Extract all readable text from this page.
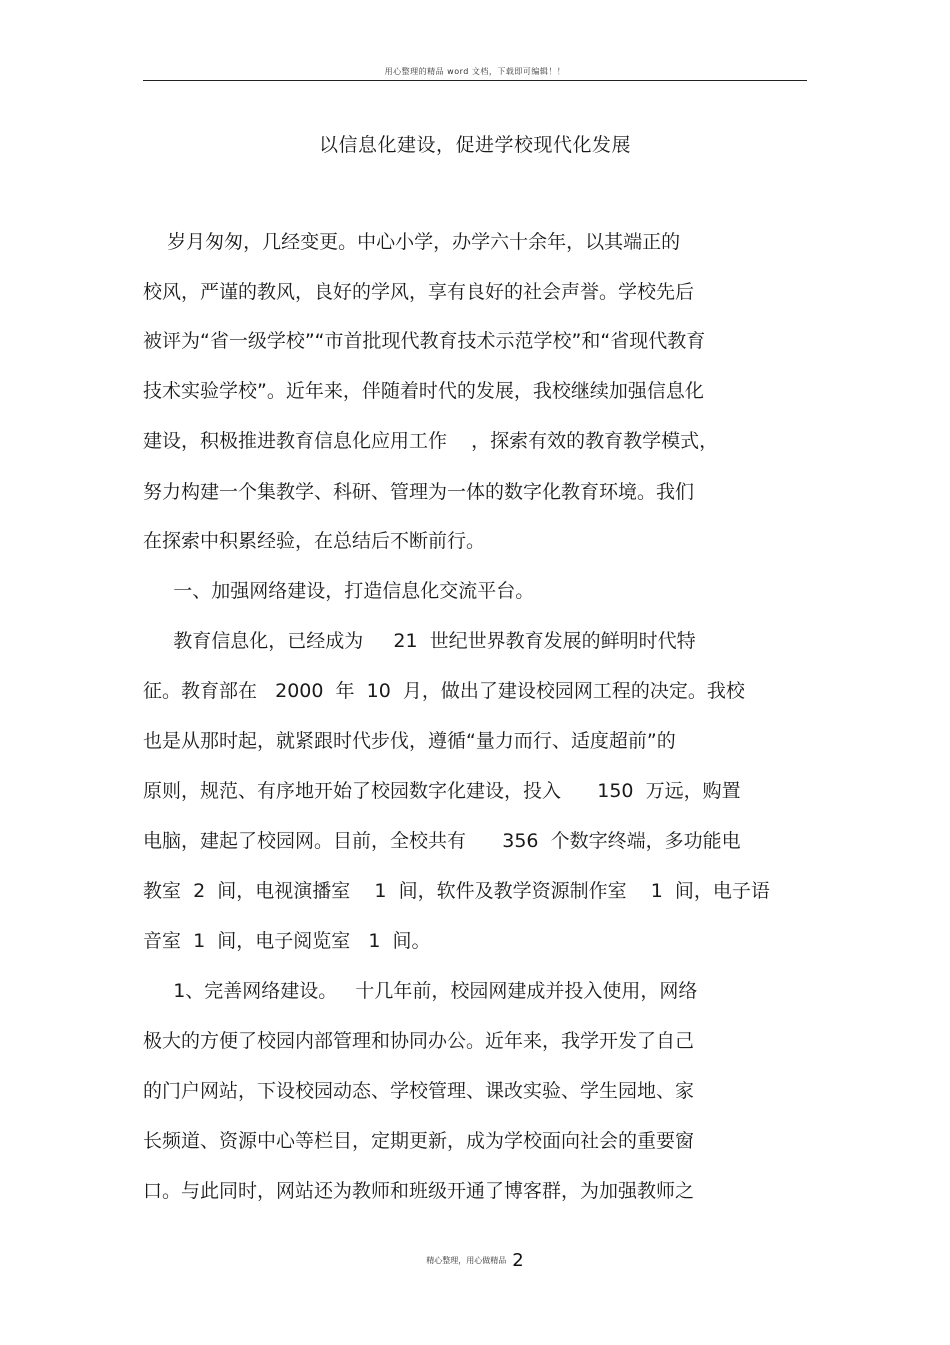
用心整理的精品 word 文档，下载即可编辑！！
以信息化建设，促进学校现代化发展
岁月匆匆，几经变更。中心小学，办学六十余年，以其端正的
校风，严谨的教风，良好的学风，享有良好的社会声誉。学校先后
被评为“省一级学校”“市首批现代教育技术示范学校”和“省现代教育
技术实验学校”。近年来，伴随着时代的发展，我校继续加强信息化
建设，积极推进教育信息化应用工作    ，探索有效的教育教学模式，
努力构建一个集教学、科研、管理为一体的数字化教育环境。我们
在探索中积累经验，在总结后不断前行。
一、加强网络建设，打造信息化交流平台。
教育信息化，已经成为     21  世纪世界教育发展的鲜明时代特
征。教育部在   2000  年  10  月，做出了建设校园网工程的决定。我校
也是从那时起，就紧跟时代步伐，遵循“量力而行、适度超前”的
原则，规范、有序地开始了校园数字化建设，投入      150  万远，购置
电脑，建起了校园网。目前，全校共有      356  个数字终端，多功能电
教室  2  间，电视演播室    1  间，软件及教学资源制作室    1  间，电子语
音室  1  间，电子阅览室   1  间。
1、完善网络建设。   十几年前，校园网建成并投入使用，网络
极大的方便了校园内部管理和协同办公。近年来，我学开发了自己
的门户网站，下设校园动态、学校管理、课改实验、学生园地、家
长频道、资源中心等栏目，定期更新，成为学校面向社会的重要窗
口。与此同时，网站还为教师和班级开通了博客群，为加强教师之
精心整理，用心做精品 2
